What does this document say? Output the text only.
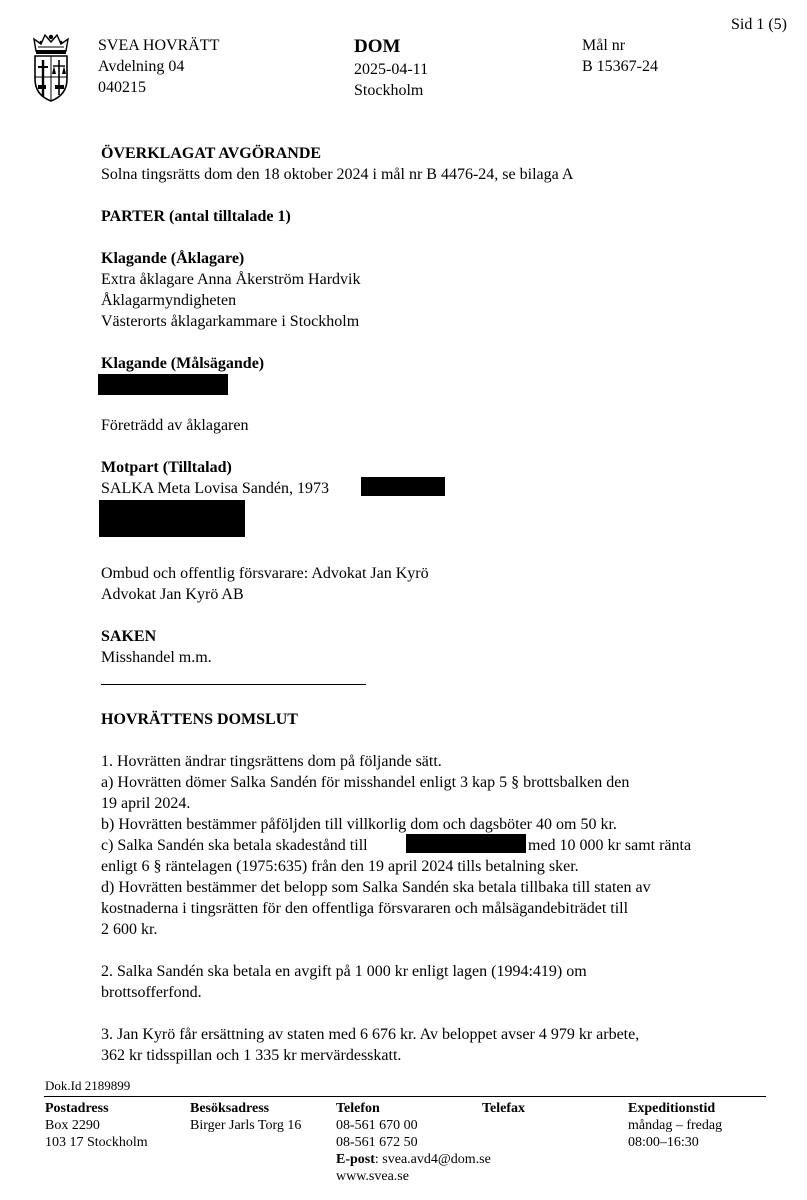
Sid 1 (5)
SVEA HOVRÄTT
Avdelning 04
040215
DOM
2025-04-11
Stockholm
Mål nr
B 15367-24
ÖVERKLAGAT AVGÖRANDE
Solna tingsrätts dom den 18 oktober 2024 i mål nr B 4476-24, se bilaga A
PARTER (antal tilltalade 1)
Klagande (Åklagare)
Extra åklagare Anna Åkerström Hardvik
Åklagarmyndigheten
Västerorts åklagarkammare i Stockholm
Klagande (Målsägande)
Företrädd av åklagaren
Motpart (Tilltalad)
SALKA Meta Lovisa Sandén, 1973
Ombud och offentlig försvarare: Advokat Jan Kyrö
Advokat Jan Kyrö AB
SAKEN
Misshandel m.m.
HOVRÄTTENS DOMSLUT
1. Hovrätten ändrar tingsrättens dom på följande sätt.
a) Hovrätten dömer Salka Sandén för misshandel enligt 3 kap 5 § brottsbalken den
19 april 2024.
b) Hovrätten bestämmer påföljden till villkorlig dom och dagsböter 40 om 50 kr.
c) Salka Sandén ska betala skadestånd till	med 10 000 kr samt ränta
enligt 6 § räntelagen (1975:635) från den 19 april 2024 tills betalning sker.
d) Hovrätten bestämmer det belopp som Salka Sandén ska betala tillbaka till staten av
kostnaderna i tingsrätten för den offentliga försvararen och målsägandebiträdet till
2 600 kr.
2. Salka Sandén ska betala en avgift på 1 000 kr enligt lagen (1994:419) om
brottsofferfond.
3. Jan Kyrö får ersättning av staten med 6 676 kr. Av beloppet avser 4 979 kr arbete,
362 kr tidsspillan och 1 335 kr mervärdesskatt.
Dok.Id 2189899
Postadress
Box 2290
103 17 Stockholm
Besöksadress
Birger Jarls Torg 16
Telefon
08-561 670 00
08-561 672 50
E-post: svea.avd4@dom.se
www.svea.se
Telefax	Expeditionstid
måndag – fredag
08:00–16:30
